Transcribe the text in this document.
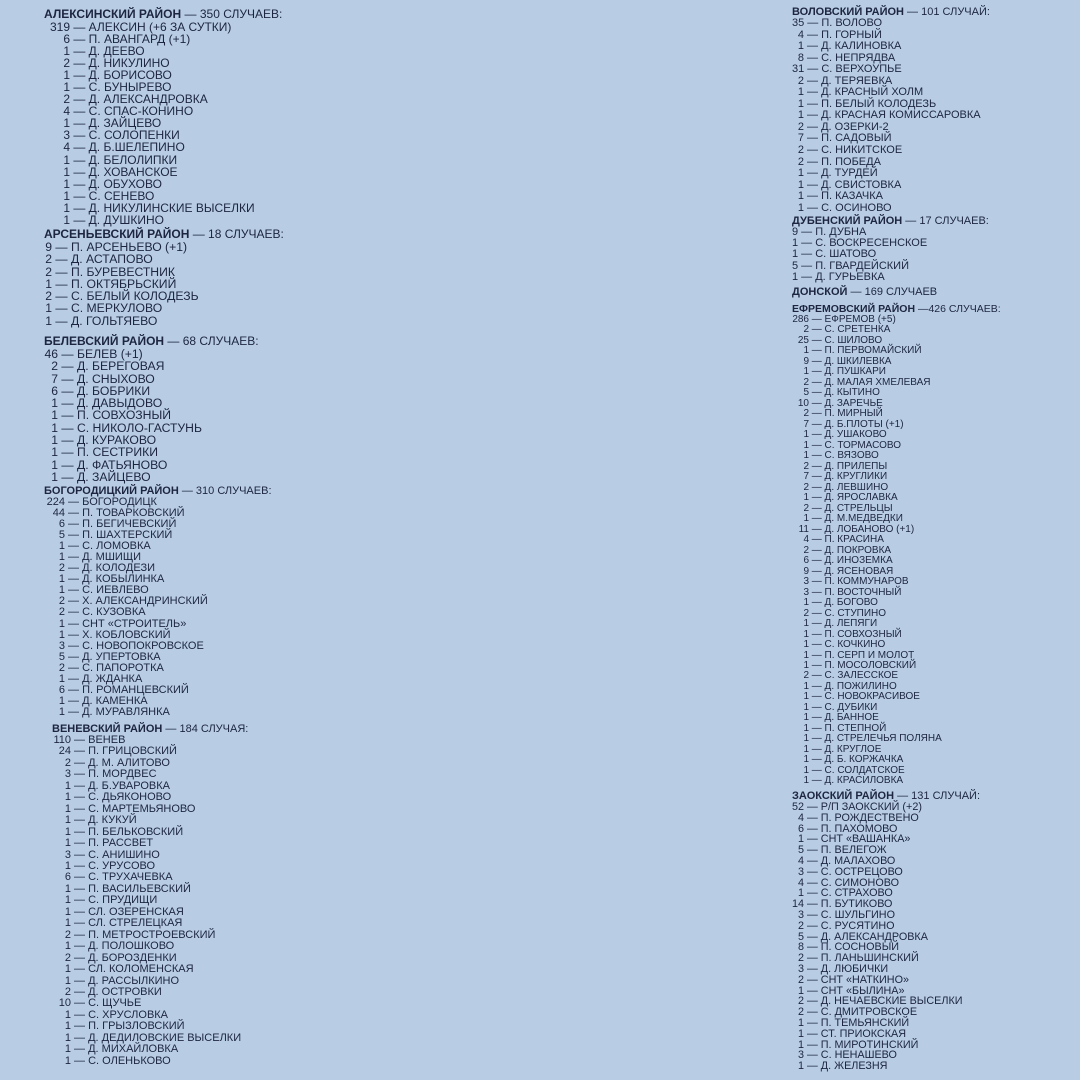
АЛЕКСИНСКИЙ РАЙОН — 350 СЛУЧАЕВ:
319 — АЛЕКСИН (+6 ЗА СУТКИ)
6 — П. АВАНГАРД (+1)
1 — Д. ДЕЕВО
2 — Д. НИКУЛИНО
1 — Д. БОРИСОВО
1 — С. БУНЫРЕВО
2 — Д. АЛЕКСАНДРОВКА
4 — С. СПАС-КОНИНО
1 — Д. ЗАЙЦЕВО
3 — С. СОЛОПЕНКИ
4 — Д. Б.ШЕЛЕПИНО
1 — Д. БЕЛОЛИПКИ
1 — Д. ХОВАНСКОЕ
1 — Д. ОБУХОВО
1 — С. СЕНЕВО
1 — Д. НИКУЛИНСКИЕ ВЫСЕЛКИ
1 — Д. ДУШКИНО
АРСЕНЬЕВСКИЙ РАЙОН — 18 СЛУЧАЕВ:
9 — П. АРСЕНЬЕВО (+1)
2 — Д. АСТАПОВО
2 — П. БУРЕВЕСТНИК
1 — П. ОКТЯБРЬСКИЙ
2 — С. БЕЛЫЙ КОЛОДЕЗЬ
1 — С. МЕРКУЛОВО
1 — Д. ГОЛЬТЯЕВО
БЕЛЕВСКИЙ РАЙОН — 68 СЛУЧАЕВ:
46 — БЕЛЕВ (+1)
2 — Д. БЕРЕГОВАЯ
7 — Д. СНЫХОВО
6 — Д. БОБРИКИ
1 — Д. ДАВЫДОВО
1 — П. СОВХОЗНЫЙ
1 — С. НИКОЛО-ГАСТУНЬ
1 — Д. КУРАКОВО
1 — П. СЕСТРИКИ
1 — Д. ФАТЬЯНОВО
1 — Д. ЗАЙЦЕВО
БОГОРОДИЦКИЙ РАЙОН — 310 СЛУЧАЕВ:
224 — БОГОРОДИЦК
44 — П. ТОВАРКОВСКИЙ
6 — П. БЕГИЧЕВСКИЙ
5 — П. ШАХТЕРСКИЙ
1 — С. ЛОМОВКА
1 — Д. МШИЩИ
2 — Д. КОЛОДЕЗИ
1 — Д. КОБЫЛИНКА
1 — С. ИЕВЛЕВО
2 — Х. АЛЕКСАНДРИНСКИЙ
2 — С. КУЗОВКА
1 — СНТ «СТРОИТЕЛЬ»
1 — Х. КОБЛОВСКИЙ
3 — С. НОВОПОКРОВСКОЕ
5 — Д. УПЕРТОВКА
2 — С. ПАПОРОТКА
1 — Д. ЖДАНКА
6 — П. РОМАНЦЕВСКИЙ
1 — Д. КАМЕНКА
1 — Д. МУРАВЛЯНКА
ВЕНЕВСКИЙ РАЙОН — 184 СЛУЧАЯ:
110 — ВЕНЕВ
24 — П. ГРИЦОВСКИЙ
2 — Д. М. АЛИТОВО
3 — П. МОРДВЕС
1 — Д. Б.УВАРОВКА
1 — С. ДЬЯКОНОВО
1 — С. МАРТЕМЬЯНОВО
1 — Д. КУКУЙ
1 — П. БЕЛЬКОВСКИЙ
1 — П. РАССВЕТ
3 — С. АНИШИНО
1 — С. УРУСОВО
6 — С. ТРУХАЧЕВКА
1 — П. ВАСИЛЬЕВСКИЙ
1 — С. ПРУДИЩИ
1 — СЛ. ОЗЕРЕНСКАЯ
1 — СЛ. СТРЕЛЕЦКАЯ
2 — П. МЕТРОСТРОЕВСКИЙ
1 — Д. ПОЛОШКОВО
2 — Д. БОРОЗДЕНКИ
1 — СЛ. КОЛОМЕНСКАЯ
1 — Д. РАССЫЛКИНО
2 — Д. ОСТРОВКИ
10 — С. ЩУЧЬЕ
1 — С. ХРУСЛОВКА
1 — П. ГРЫЗЛОВСКИЙ
1 — Д. ДЕДИЛОВСКИЕ ВЫСЕЛКИ
1 — Д. МИХАЙЛОВКА
1 — С. ОЛЕНЬКОВО
ВОЛОВСКИЙ РАЙОН — 101 СЛУЧАЙ:
35 — П. ВОЛОВО
4 — П. ГОРНЫЙ
1 — Д. КАЛИНОВКА
8 — С. НЕПРЯДВА
31 — С. ВЕРХОУПЬЕ
2 — Д. ТЕРЯЕВКА
1 — Д. КРАСНЫЙ ХОЛМ
1 — П. БЕЛЫЙ КОЛОДЕЗЬ
1 — Д. КРАСНАЯ КОМИССАРОВКА
2 — Д. ОЗЕРКИ-2
7 — П. САДОВЫЙ
2 — С. НИКИТСКОЕ
2 — П. ПОБЕДА
1 — Д. ТУРДЕЙ
1 — Д. СВИСТОВКА
1 — П. КАЗАЧКА
1 — С. ОСИНОВО
ДУБЕНСКИЙ РАЙОН — 17 СЛУЧАЕВ:
9 — П. ДУБНА
1 — С. ВОСКРЕСЕНСКОЕ
1 — С. ШАТОВО
5 — П. ГВАРДЕЙСКИЙ
1 — Д. ГУРЬЕВКА
ДОНСКОЙ — 169 СЛУЧАЕВ
ЕФРЕМОВСКИЙ РАЙОН —426 СЛУЧАЕВ:
286 — ЕФРЕМОВ (+5)
2 — С. СРЕТЕНКА
25 — С. ШИЛОВО
1 — П. ПЕРВОМАЙСКИЙ
9 — Д. ШКИЛЕВКА
1 — Д. ПУШКАРИ
2 — Д. МАЛАЯ ХМЕЛЕВАЯ
5 — Д. КЫТИНО
10 — Д. ЗАРЕЧЬЕ
2 — П. МИРНЫЙ
7 — Д. Б.ПЛОТЫ (+1)
1 — Д. УШАКОВО
1 — С. ТОРМАСОВО
1 — С. ВЯЗОВО
2 — Д. ПРИЛЕПЫ
7 — Д. КРУГЛИКИ
2 — Д. ЛЕВШИНО
1 — Д. ЯРОСЛАВКА
2 — Д. СТРЕЛЬЦЫ
1 — Д. М.МЕДВЕДКИ
11 — Д. ЛОБАНОВО (+1)
4 — П. КРАСИНА
2 — Д. ПОКРОВКА
6 — Д. ИНОЗЕМКА
9 — Д. ЯСЕНОВАЯ
3 — П. КОММУНАРОВ
3 — П. ВОСТОЧНЫЙ
1 — Д. БОГОВО
2 — С. СТУПИНО
1 — Д. ЛЕПЯГИ
1 — П. СОВХОЗНЫЙ
1 — С. КОЧКИНО
1 — П. СЕРП И МОЛОТ
1 — П. МОСОЛОВСКИЙ
2 — С. ЗАЛЕССКОЕ
1 — Д. ПОЖИЛИНО
1 — С. НОВОКРАСИВОЕ
1 — С. ДУБИКИ
1 — Д. БАННОЕ
1 — П. СТЕПНОЙ
1 — Д. СТРЕЛЕЧЬЯ ПОЛЯНА
1 — Д. КРУГЛОЕ
1 — Д. Б. КОРЖАЧКА
1 — С. СОЛДАТСКОЕ
1 — Д. КРАСИЛОВКА
ЗАОКСКИЙ РАЙОН — 131 СЛУЧАЙ:
52 — Р/П ЗАОКСКИЙ (+2)
4 — П. РОЖДЕСТВЕНО
6 — П. ПАХОМОВО
1 — СНТ «ВАШАНКА»
5 — П. ВЕЛЕГОЖ
4 — Д. МАЛАХОВО
3 — С. ОСТРЕЦОВО
4 — С. СИМОНОВО
1 — С. СТРАХОВО
14 — П. БУТИКОВО
3 — С. ШУЛЬГИНО
2 — С. РУСЯТИНО
5 — Д. АЛЕКСАНДРОВКА
8 — П. СОСНОВЫЙ
2 — П. ЛАНЬШИНСКИЙ
3 — Д. ЛЮБИЧКИ
2 — СНТ «НАТКИНО»
1 — СНТ «БЫЛИНА»
2 — Д. НЕЧАЕВСКИЕ ВЫСЕЛКИ
2 — С. ДМИТРОВСКОЕ
1 — П. ТЕМЬЯНСКИЙ
1 — СТ. ПРИОКСКАЯ
1 — П. МИРОТИНСКИЙ
3 — С. НЕНАШЕВО
1 — Д. ЖЕЛЕЗНЯ
